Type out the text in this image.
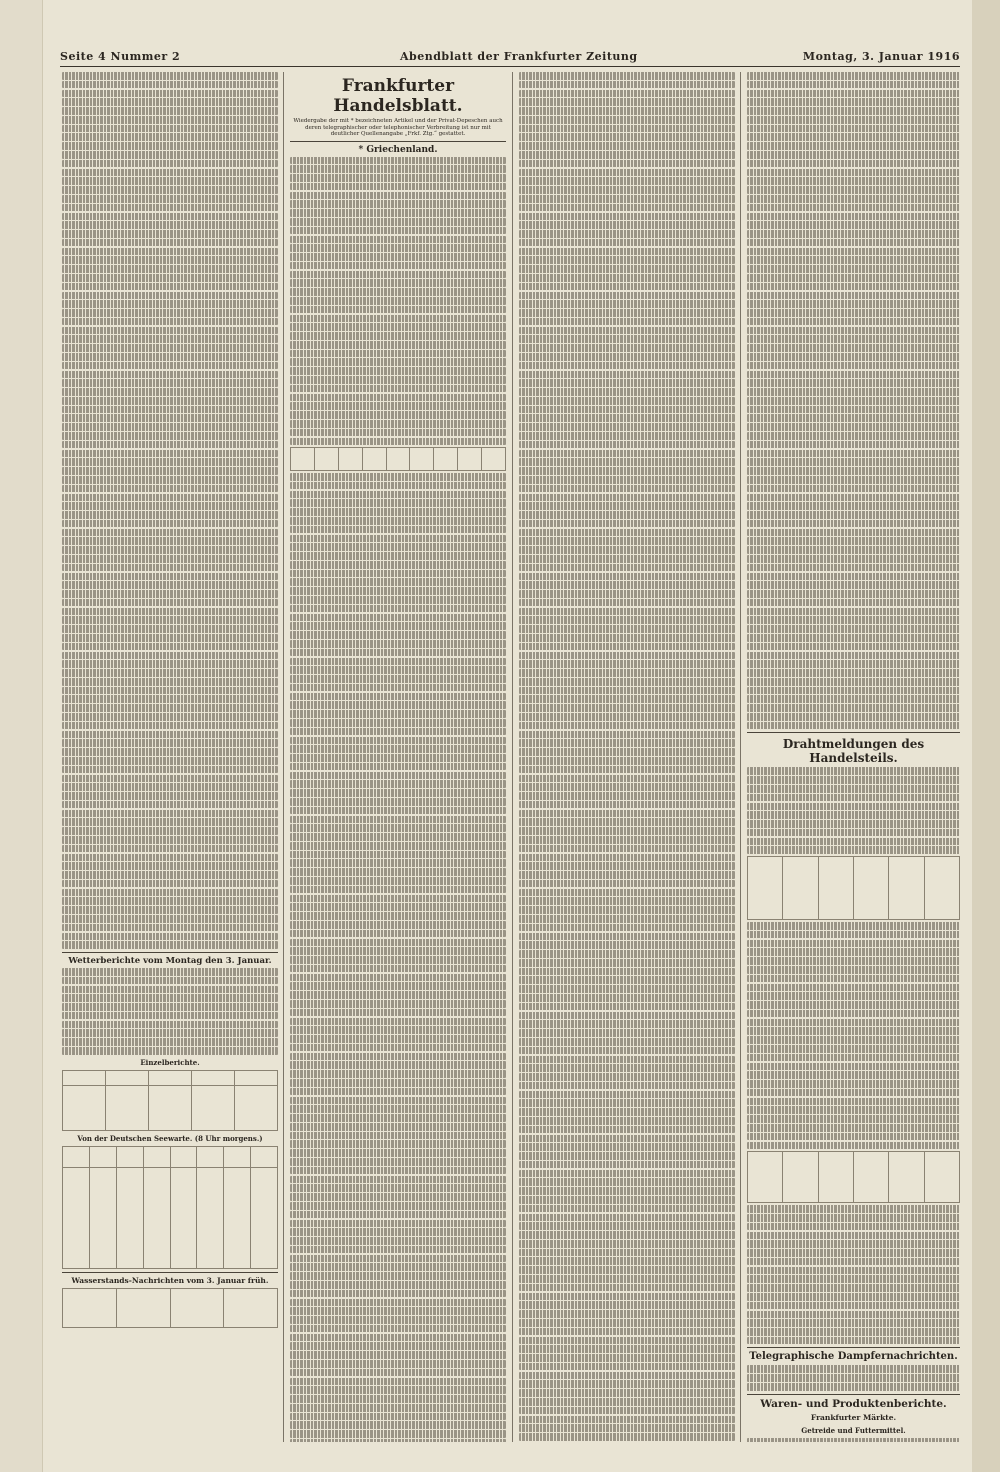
Seite 4 Nummer 2	Abendblatt der Frankfurter Zeitung	Montag, 3. Januar 1916
Wetterberichte vom Montag den 3. Januar.
Einzelberichte.

Von der Deutschen Seewarte. (8 Uhr morgens.)

Wasserstands-Nachrichten vom 3. Januar früh.

Frankfurter Handelsblatt.
Wiedergabe der mit * bezeichneten Artikel und der Privat-Depeschen auch deren telegraphischer oder telephonischer Verbreitung ist nur mit deutlicher Quellenangabe „Frkf. Ztg.“ gestattet.
* Griechenland.

Drahtmeldungen des Handelsteils.

Telegraphische Dampfernachrichten.
Waren- und Produktenberichte.
Frankfurter Märkte.
Getreide und Futtermittel.
